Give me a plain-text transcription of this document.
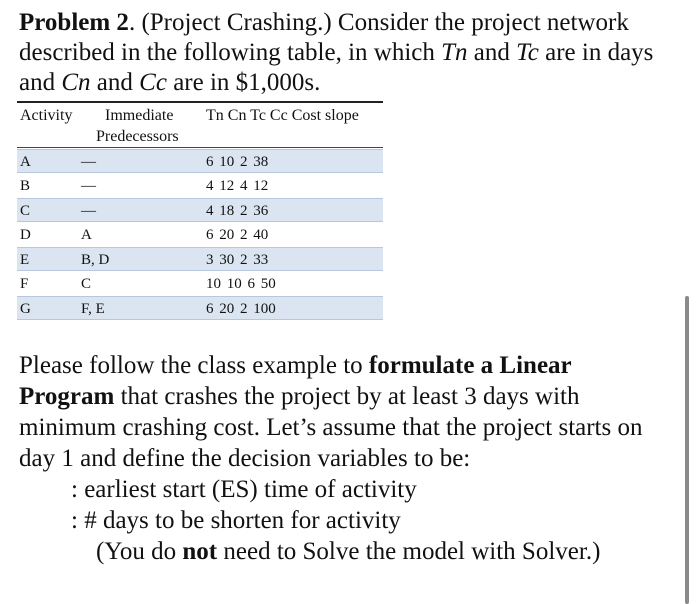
Problem 2. (Project Crashing.) Consider the project network
described in the following table, in which Tn and Tc are in days
and Cn and Cc are in $1,000s.
Activity Immediate
Predecessors
Tn Cn Tc Cc Cost slope
A	—	6 10 2 38
B	—	4 12 4 12
C	—	4 18 2 36
D	A	6 20 2 40
E	B, D	3 30 2 33
F	C	10 10 6 50
G	F, E	6 20 2 100
Please follow the class example to formulate a Linear
Program that crashes the project by at least 3 days with
minimum crashing cost. Let’s assume that the project starts on
day 1 and define the decision variables to be:
: earliest start (ES) time of activity
: # days to be shorten for activity
(You do not need to Solve the model with Solver.)
